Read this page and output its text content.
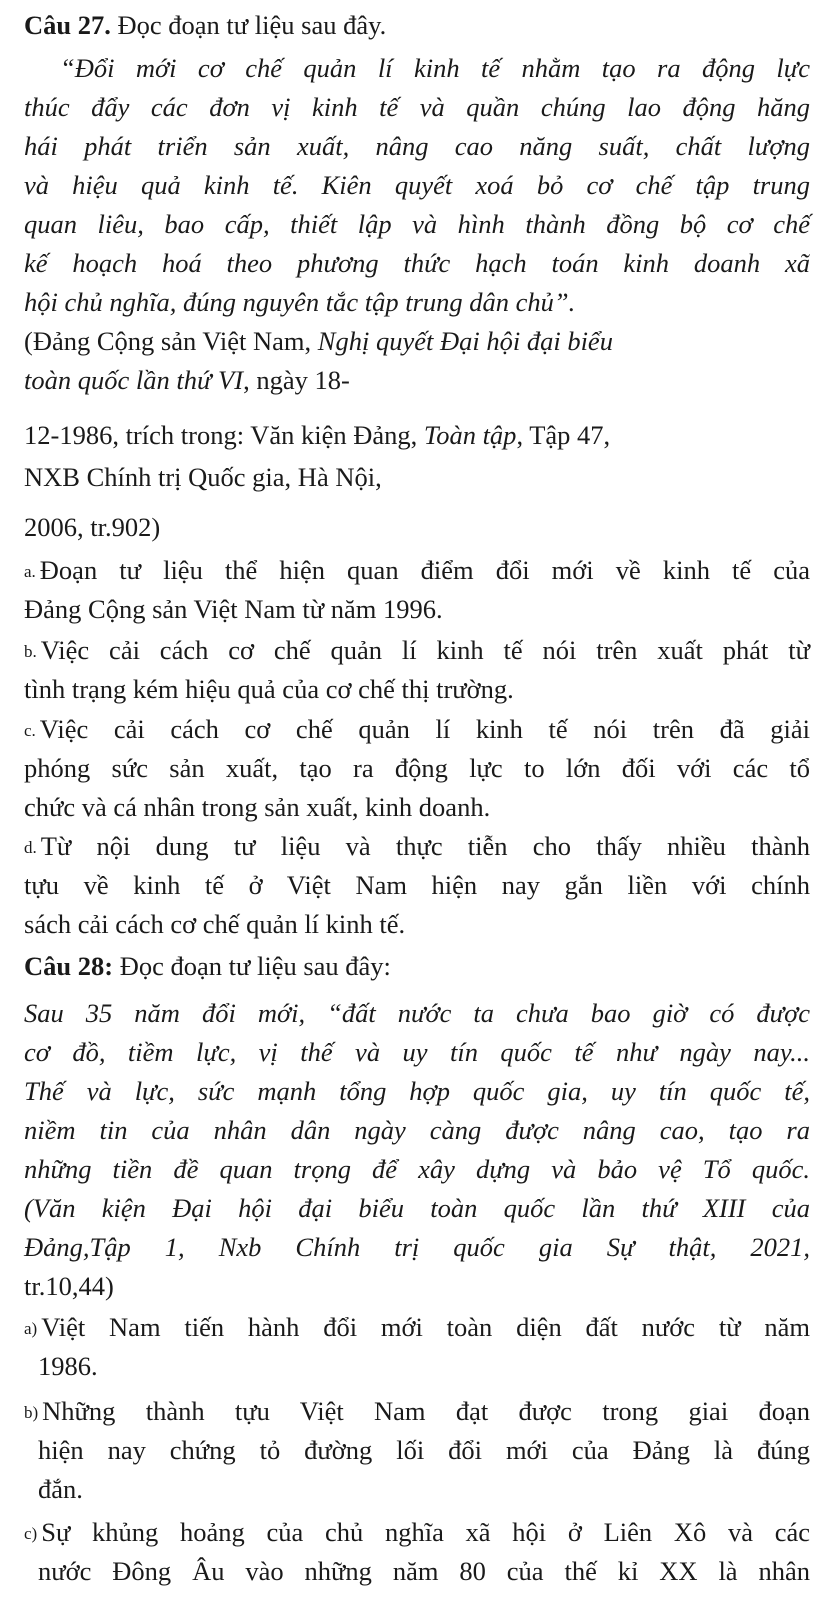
Câu 27. Đọc đoạn tư liệu sau đây.
“Đổi mới cơ chế quản lí kinh tế nhằm tạo ra động lực
thúc đẩy các đơn vị kinh tế và quần chúng lao động hăng
hái phát triển sản xuất, nâng cao năng suất, chất lượng
và hiệu quả kinh tế. Kiên quyết xoá bỏ cơ chế tập trung
quan liêu, bao cấp, thiết lập và hình thành đồng bộ cơ chế
kế hoạch hoá theo phương thức hạch toán kinh doanh xã
hội chủ nghĩa, đúng nguyên tắc tập trung dân chủ”.
(Đảng Cộng sản Việt Nam, Nghị quyết Đại hội đại biểu
toàn quốc lần thứ VI, ngày 18-
12-1986, trích trong: Văn kiện Đảng, Toàn tập, Tập 47,
NXB Chính trị Quốc gia, Hà Nội,
2006, tr.902)
a. Đoạn tư liệu thể hiện quan điểm đổi mới về kinh tế của
Đảng Cộng sản Việt Nam từ năm 1996.
b. Việc cải cách cơ chế quản lí kinh tế nói trên xuất phát từ
tình trạng kém hiệu quả của cơ chế thị trường.
c. Việc cải cách cơ chế quản lí kinh tế nói trên đã giải
phóng sức sản xuất, tạo ra động lực to lớn đối với các tổ
chức và cá nhân trong sản xuất, kinh doanh.
d. Từ nội dung tư liệu và thực tiễn cho thấy nhiều thành
tựu về kinh tế ở Việt Nam hiện nay gắn liền với chính
sách cải cách cơ chế quản lí kinh tế.
Câu 28: Đọc đoạn tư liệu sau đây:
Sau 35 năm đổi mới, “đất nước ta chưa bao giờ có được
cơ đồ, tiềm lực, vị thế và uy tín quốc tế như ngày nay...
Thế và lực, sức mạnh tổng hợp quốc gia, uy tín quốc tế,
niềm tin của nhân dân ngày càng được nâng cao, tạo ra
những tiền đề quan trọng để xây dựng và bảo vệ Tổ quốc.
(Văn kiện Đại hội đại biểu toàn quốc lần thứ XIII của
Đảng,Tập 1, Nxb Chính trị quốc gia Sự thật, 2021,
tr.10,44)
a) Việt Nam tiến hành đổi mới toàn diện đất nước từ năm
1986.
b) Những thành tựu Việt Nam đạt được trong giai đoạn
hiện nay chứng tỏ đường lối đổi mới của Đảng là đúng
đắn.
c) Sự khủng hoảng của chủ nghĩa xã hội ở Liên Xô và các
nước Đông Âu vào những năm 80 của thế kỉ XX là nhân
